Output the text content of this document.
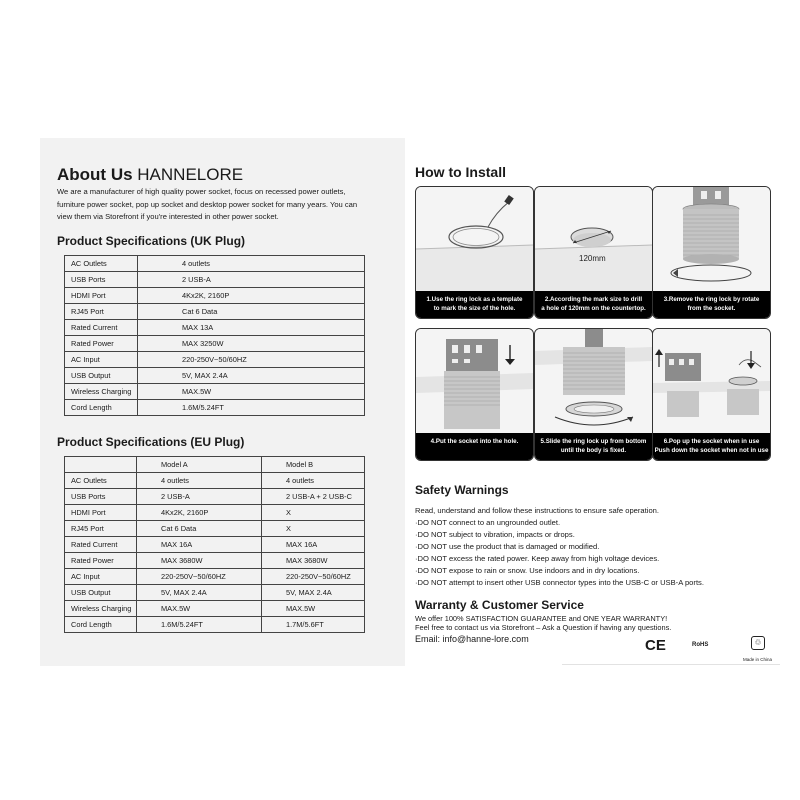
About Us HANNELORE
We are a manufacturer of high quality power socket, focus on recessed power outlets,
furniture power socket, pop up socket and desktop power socket for many years. You can
view them via Storefront if you're interested in other power socket.
Product Specifications (UK Plug)
AC Outlets	4 outlets
USB Ports	2 USB-A
HDMI Port	4Kx2K, 2160P
RJ45 Port	Cat 6 Data
Rated Current	MAX 13A
Rated Power	MAX 3250W
AC Input	220-250V~50/60HZ
USB Output	5V, MAX 2.4A
Wireless Charging	MAX.5W
Cord Length	1.6M/5.24FT
Product Specifications (EU Plug)
	Model A	Model B
AC Outlets	4 outlets	4 outlets
USB Ports	2 USB-A	2 USB-A + 2 USB-C
HDMI Port	4Kx2K, 2160P	X
RJ45 Port	Cat 6 Data	X
Rated Current	MAX 16A	MAX 16A
Rated Power	MAX 3680W	MAX 3680W
AC Input	220-250V~50/60HZ	220-250V~50/60HZ
USB Output	5V, MAX 2.4A	5V, MAX 2.4A
Wireless Charging	MAX.5W	MAX.5W
Cord Length	1.6M/5.24FT	1.7M/5.6FT
How to Install
1.Use the ring lock as a template
to mark the size of the hole.
120mm
2.According the mark size to drill
a hole of 120mm on the countertop.
3.Remove the ring lock by rotate
from the socket.
4.Put the socket into the hole.	5.Slide the ring lock up from bottom
until the body is fixed.
6.Pop up the socket when in use
Push down the socket when not in use
Safety Warnings
Read, understand and follow these instructions to ensure safe operation.
·DO NOT connect to an ungrounded outlet.
·DO NOT subject to vibration, impacts or drops.
·DO NOT use the product that is damaged or modified.
·DO NOT excess the rated power. Keep away from high voltage devices.
·DO NOT expose to rain or snow. Use indoors and in dry locations.
·DO NOT attempt to insert other USB connector types into the USB-C or USB-A ports.
Warranty & Customer Service
We offer 100% SATISFACTION GUARANTEE and ONE YEAR WARRANTY!
Feel free to contact us via Storefront – Ask a Question if having any questions.
Email: info@hanne-lore.com	CE	RoHS	♲
Made in China
